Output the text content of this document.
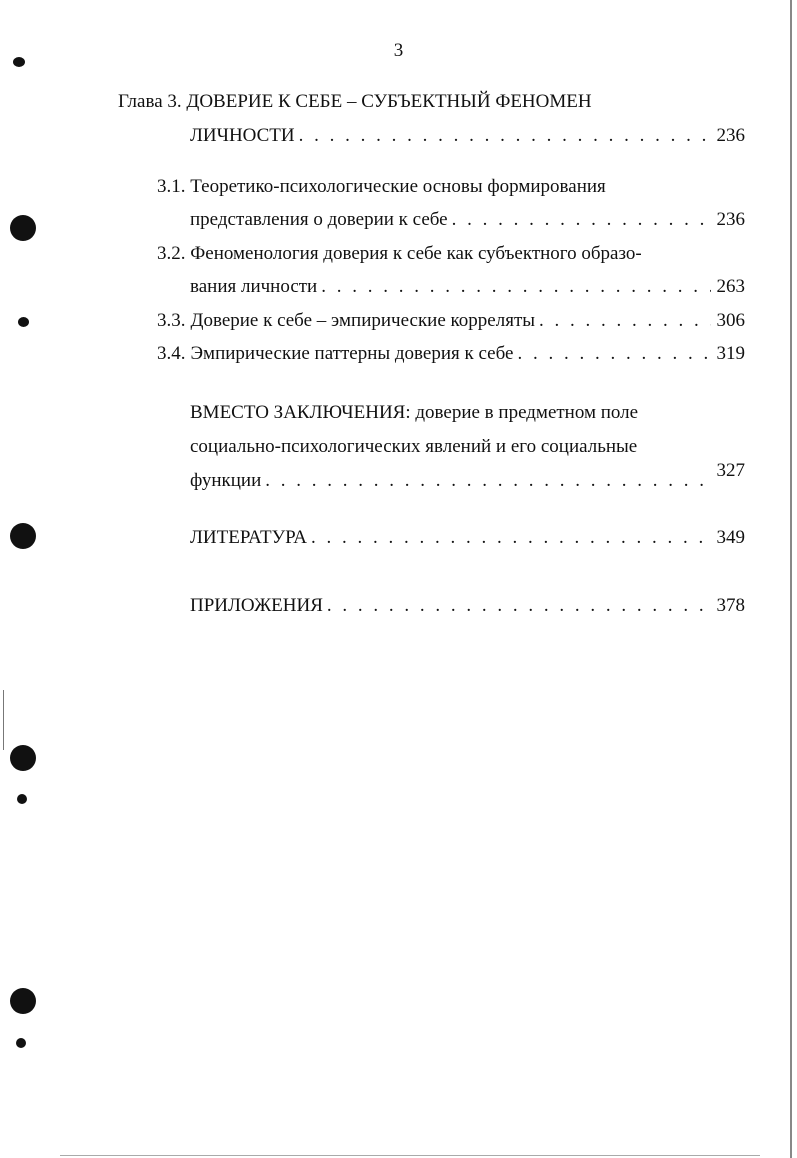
3
Глава 3. ДОВЕРИЕ К СЕБЕ – СУБЪЕКТНЫЙ ФЕНОМЕН
ЛИЧНОСТИ . . .	236
3.1. Теоретико-психологические основы формирования
представления о доверии к себе . . .	236
3.2. Феноменология доверия к себе как субъектного образо-
вания личности . . .	263
3.3. Доверие к себе – эмпирические корреляты . . .	306
3.4. Эмпирические паттерны доверия к себе . . .	319
ВМЕСТО ЗАКЛЮЧЕНИЯ: доверие в предметном поле
социально-психологических явлений и его социальные
функции . . .	327
ЛИТЕРАТУРА . . .	349
ПРИЛОЖЕНИЯ . . .	378
